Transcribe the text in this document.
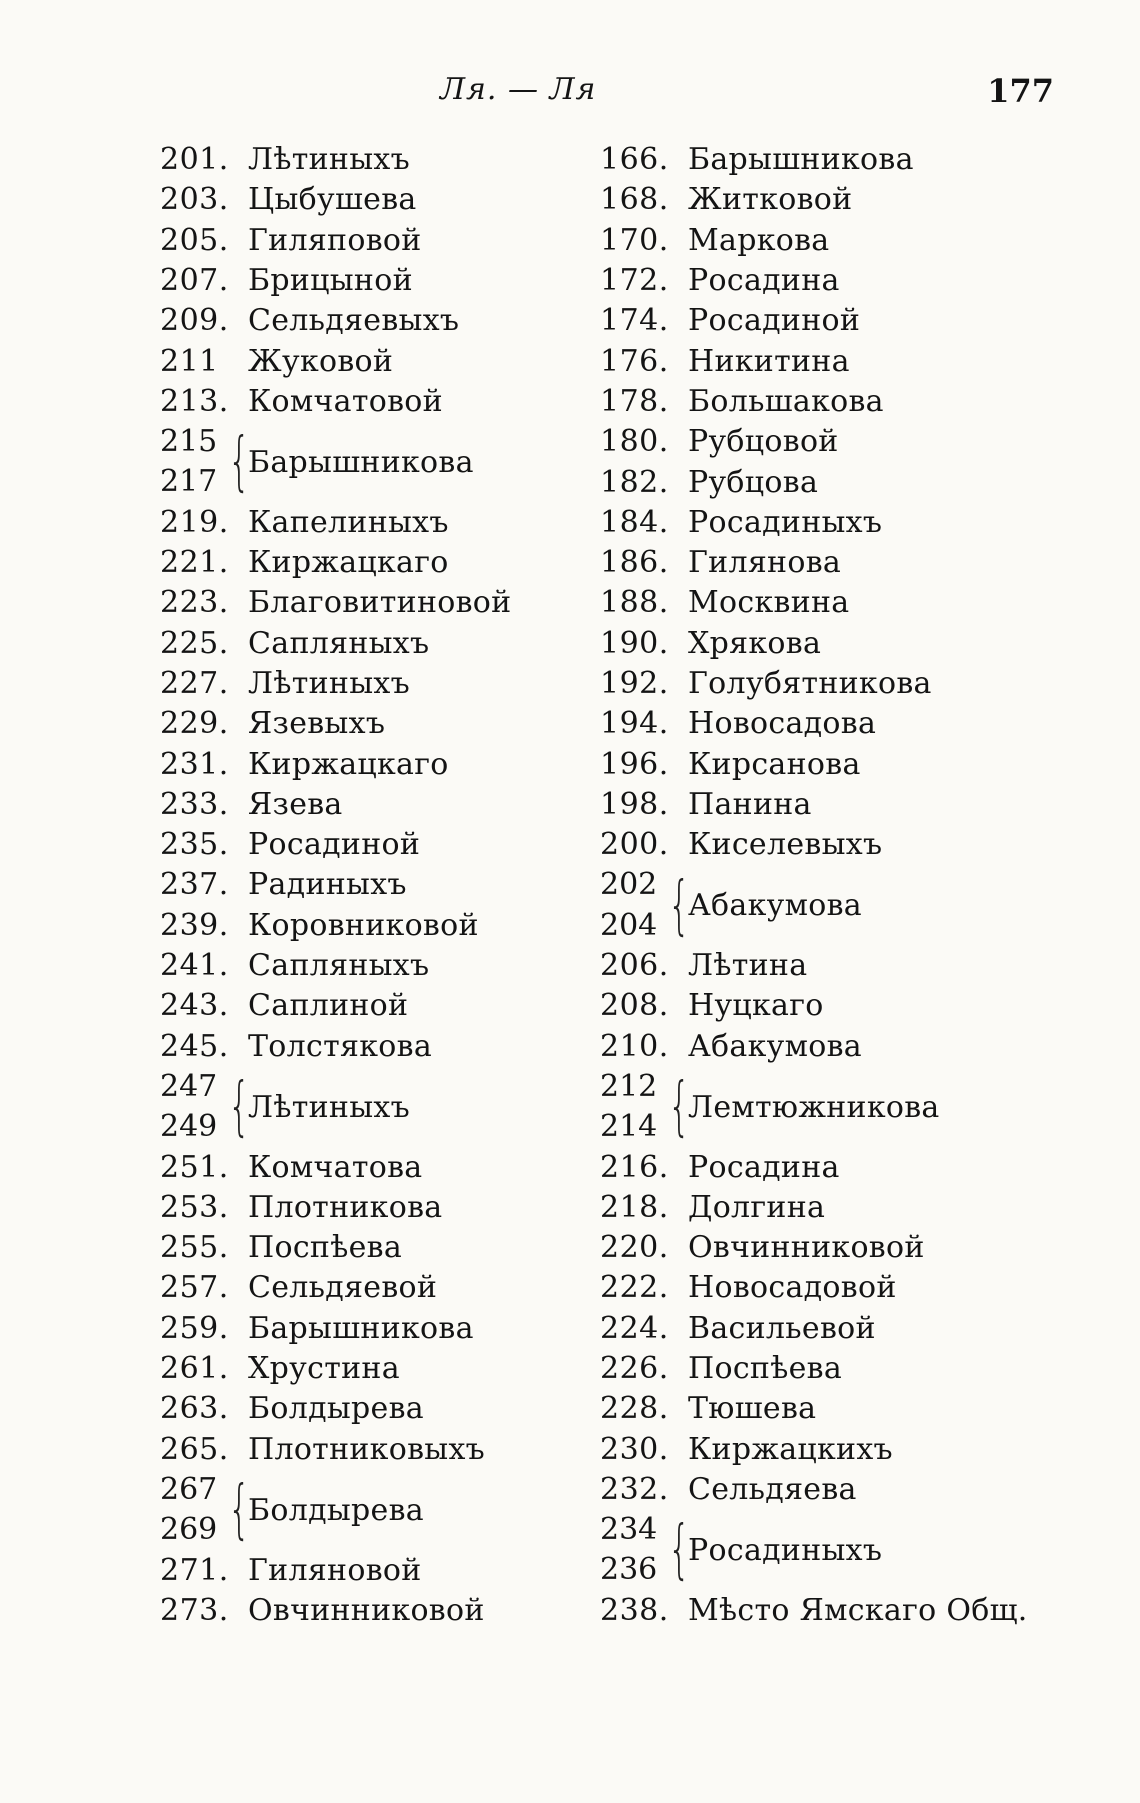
Ля. — Ля	177
201. Лѣтиныхъ
203. Цыбушева
205. Гиляповой
207. Брицыной
209. Сельдяевыхъ
211 Жуковой
213. Комчатовой
215
217 {
Барышникова
219. Капелиныхъ
221. Киржацкаго
223. Благовитиновой
225. Сапляныхъ
227. Лѣтиныхъ
229. Язевыхъ
231. Киржацкаго
233. Язева
235. Росадиной
237. Радиныхъ
239. Коровниковой
241. Сапляныхъ
243. Саплиной
245. Толстякова
247
249 {
Лѣтиныхъ
251. Комчатова
253. Плотникова
255. Поспѣева
257. Сельдяевой
259. Барышникова
261. Хрустина
263. Болдырева
265. Плотниковыхъ
267
269 {
Болдырева
271. Гиляновой
273. Овчинниковой
166. Барышникова
168. Житковой
170. Маркова
172. Росадина
174. Росадиной
176. Никитина
178. Большакова
180. Рубцовой
182. Рубцова
184. Росадиныхъ
186. Гилянова
188. Москвина
190. Хрякова
192. Голубятникова
194. Новосадова
196. Кирсанова
198. Панина
200. Киселевыхъ
202
204 {
Абакумова
206. Лѣтина
208. Нуцкаго
210. Абакумова
212
214 {
Лемтюжникова
216. Росадина
218. Долгина
220. Овчинниковой
222. Новосадовой
224. Васильевой
226. Поспѣева
228. Тюшева
230. Киржацкихъ
232. Сельдяева
234
236 {
Росадиныхъ
238. Мѣсто Ямскаго Общ.
